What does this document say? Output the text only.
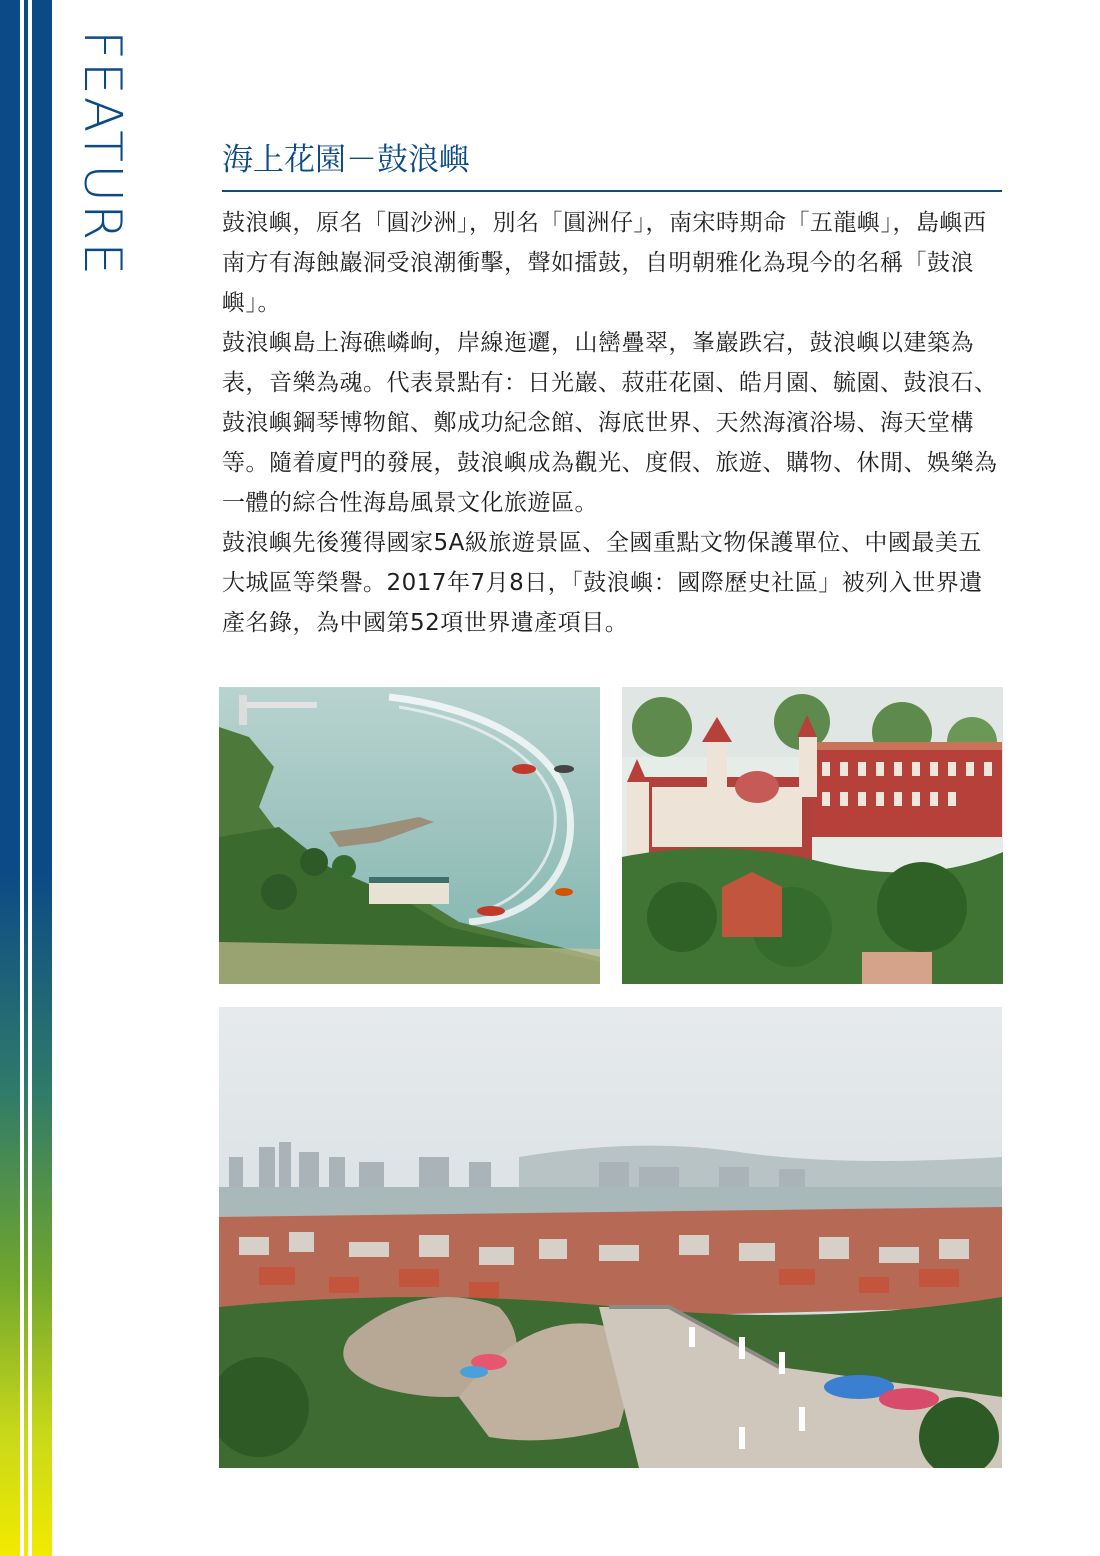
FEATURE	海上花園－鼓浪嶼

鼓浪嶼，原名「圓沙洲」，別名「圓洲仔」，南宋時期命「五龍嶼」，島嶼西南方有海蝕巖洞受浪潮衝擊，聲如擂鼓，自明朝雅化為現今的名稱「鼓浪嶼」。

鼓浪嶼島上海礁嶙峋，岸線迤邐，山巒疊翠，峯巖跌宕，鼓浪嶼以建築為表，音樂為魂。代表景點有：日光巖、菽莊花園、皓月園、毓園、鼓浪石、鼓浪嶼鋼琴博物館、鄭成功紀念館、海底世界、天然海濱浴場、海天堂構等。隨着廈門的發展，鼓浪嶼成為觀光、度假、旅遊、購物、休閒、娛樂為一體的綜合性海島風景文化旅遊區。

鼓浪嶼先後獲得國家5A級旅遊景區、全國重點文物保護單位、中國最美五大城區等榮譽。2017年7月8日，「鼓浪嶼：國際歷史社區」被列入世界遺產名錄，為中國第52項世界遺產項目。
